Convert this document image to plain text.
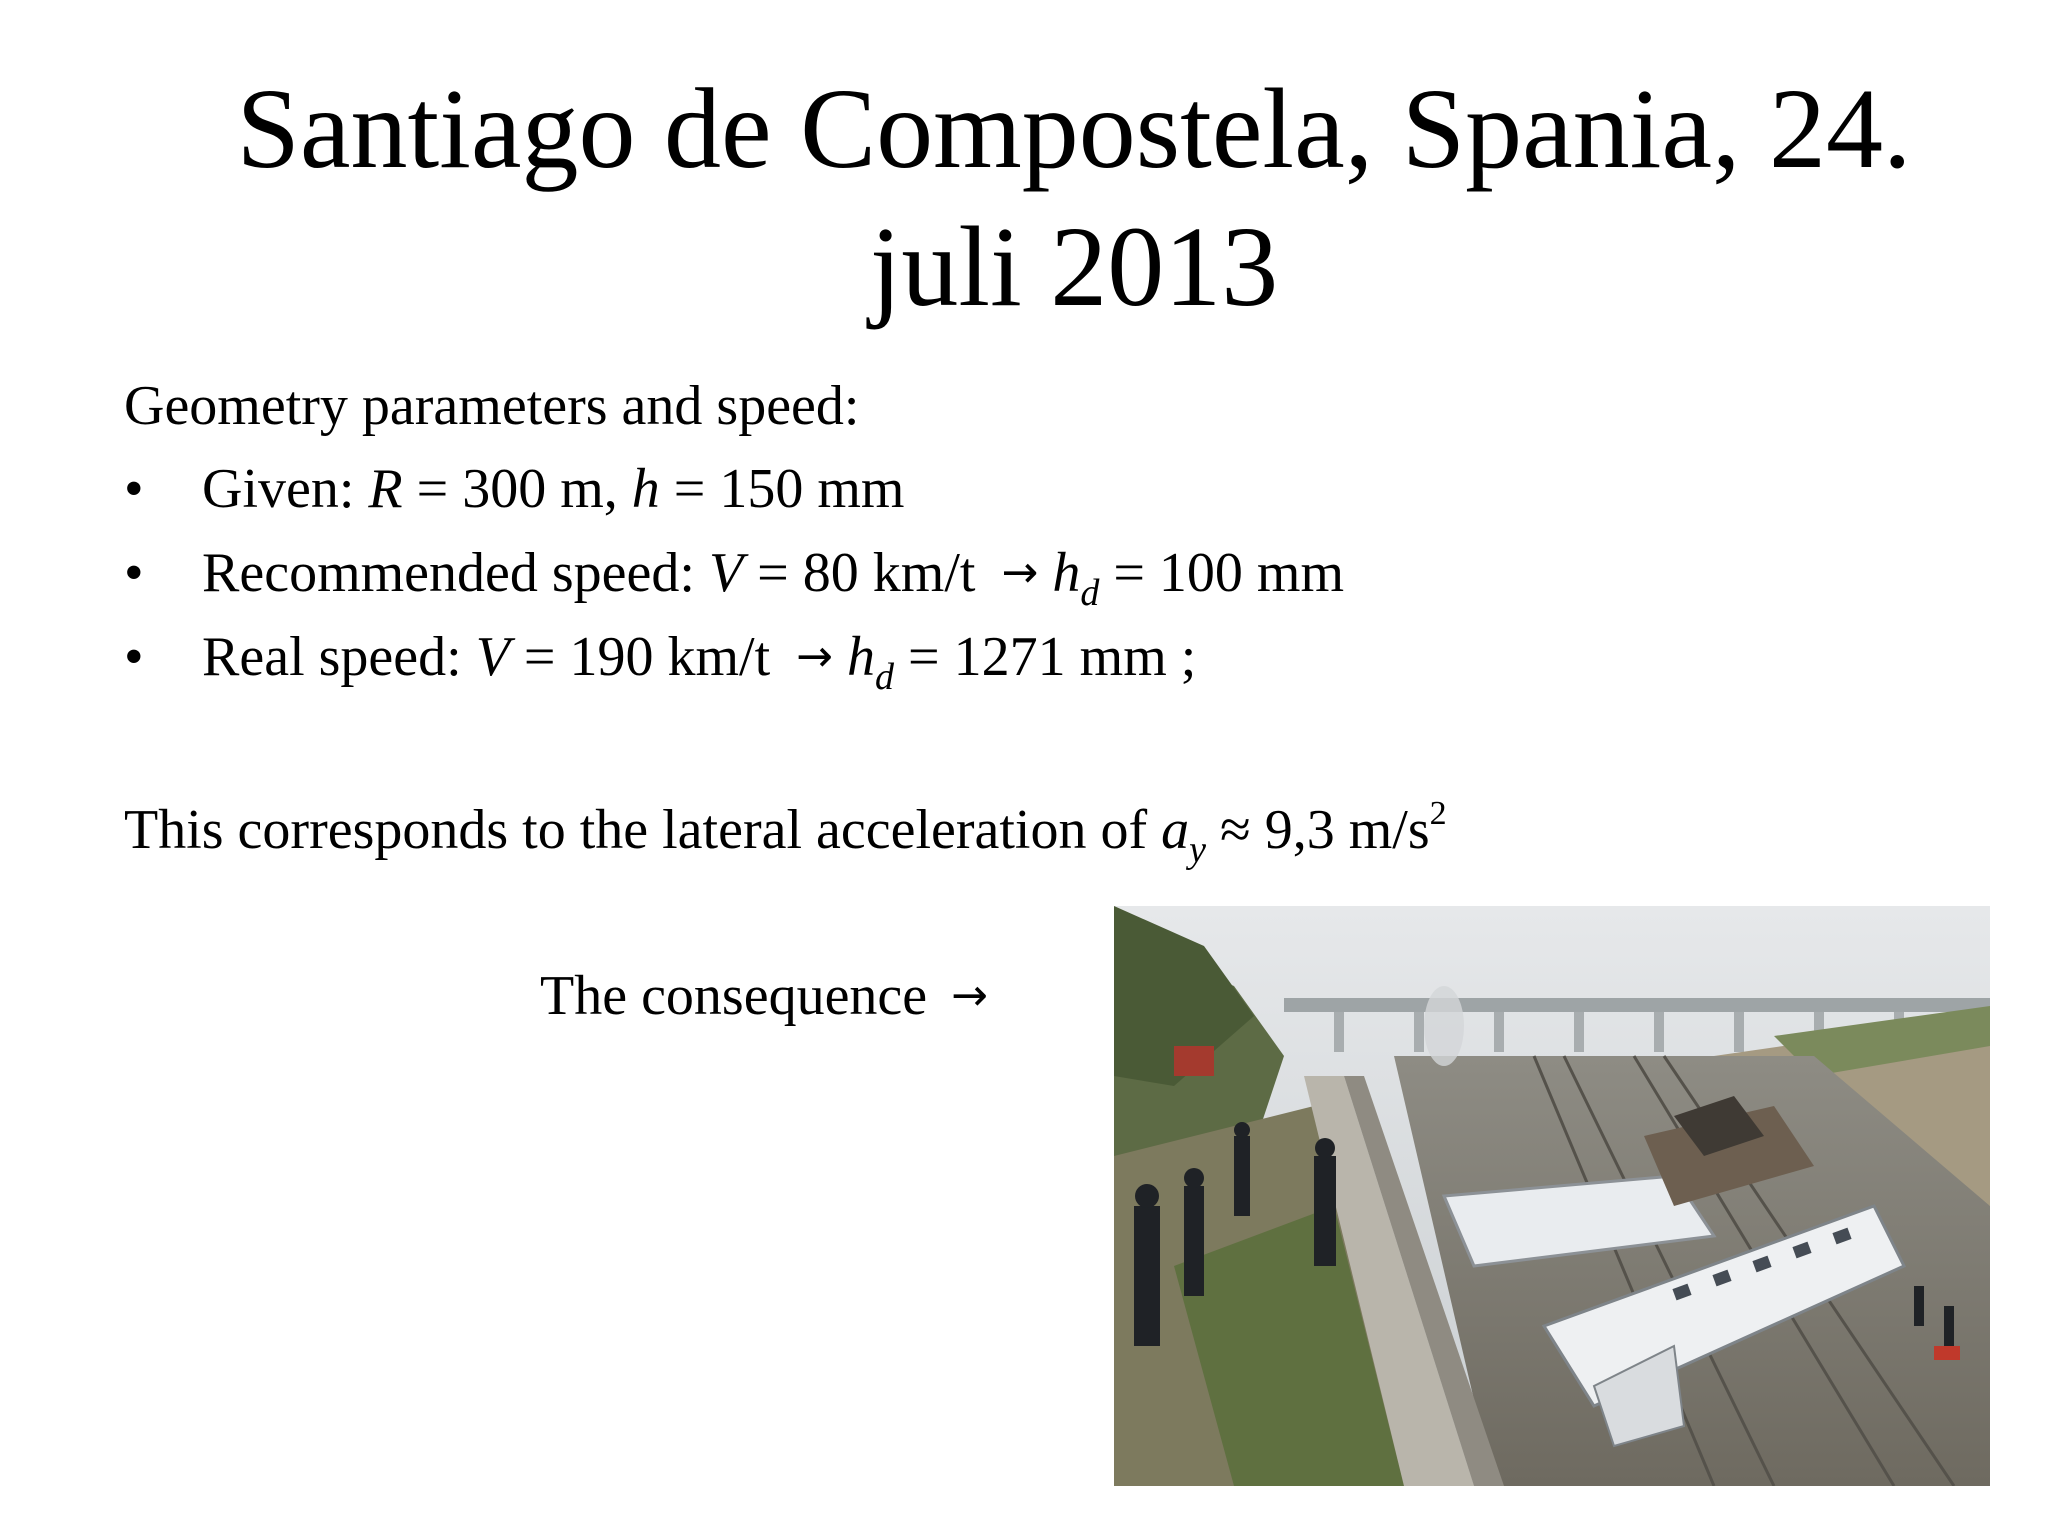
Santiago de Compostela, Spania, 24.
juli 2013

Geometry parameters and speed:

• Given: R = 300 m, h = 150 mm
• Recommended speed: V = 80 $km/t \to h_d = 100$ mm
• Real speed: V = 190 $km/t \to h_d = 1271$ mm ;

This corresponds to the lateral acceleration of $a_y \approx 9,3$ $m/s^2$

The consequence →
